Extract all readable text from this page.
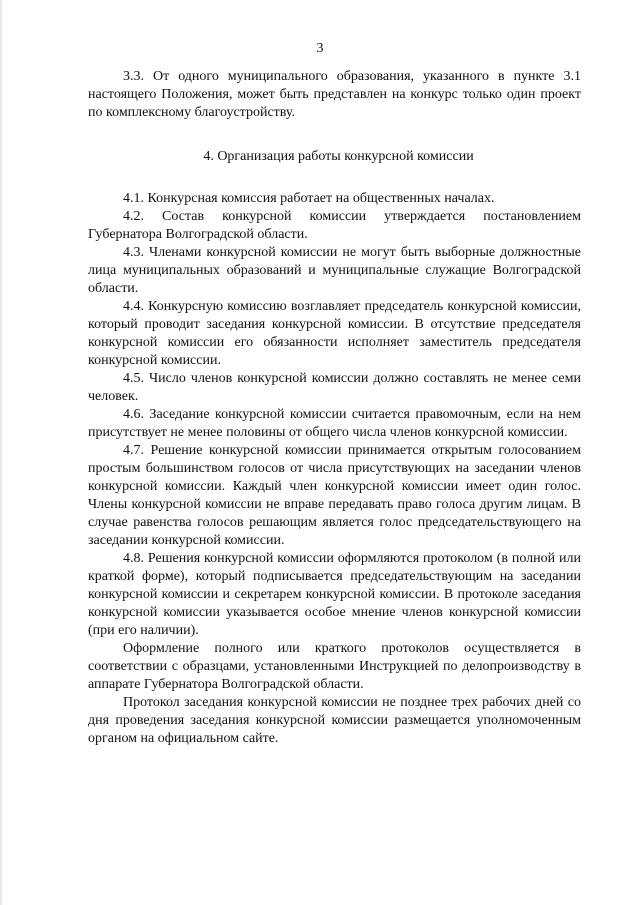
3

3.3. От одного муниципального образования, указанного в пункте 3.1 настоящего Положения, может быть представлен на конкурс только один проект по комплексному благоустройству.

4. Организация работы конкурсной комиссии

4.1. Конкурсная комиссия работает на общественных началах.

4.2. Состав конкурсной комиссии утверждается постановлением Губернатора Волгоградской области.

4.3. Членами конкурсной комиссии не могут быть выборные должностные лица муниципальных образований и муниципальные служащие Волгоградской области.

4.4. Конкурсную комиссию возглавляет председатель конкурсной комиссии, который проводит заседания конкурсной комиссии. В отсутствие председателя конкурсной комиссии его обязанности исполняет заместитель председателя конкурсной комиссии.

4.5. Число членов конкурсной комиссии должно составлять не менее семи человек.

4.6. Заседание конкурсной комиссии считается правомочным, если на нем присутствует не менее половины от общего числа членов конкурсной комиссии.

4.7. Решение конкурсной комиссии принимается открытым голосованием простым большинством голосов от числа присутствующих на заседании членов конкурсной комиссии. Каждый член конкурсной комиссии имеет один голос. Члены конкурсной комиссии не вправе передавать право голоса другим лицам. В случае равенства голосов решающим является голос председательствующего на заседании конкурсной комиссии.

4.8. Решения конкурсной комиссии оформляются протоколом (в полной или краткой форме), который подписывается председательствующим на заседании конкурсной комиссии и секретарем конкурсной комиссии. В протоколе заседания конкурсной комиссии указывается особое мнение членов конкурсной комиссии (при его наличии).

Оформление полного или краткого протоколов осуществляется в соответствии с образцами, установленными Инструкцией по делопроизводству в аппарате Губернатора Волгоградской области.

Протокол заседания конкурсной комиссии не позднее трех рабочих дней со дня проведения заседания конкурсной комиссии размещается уполномоченным органом на официальном сайте.
